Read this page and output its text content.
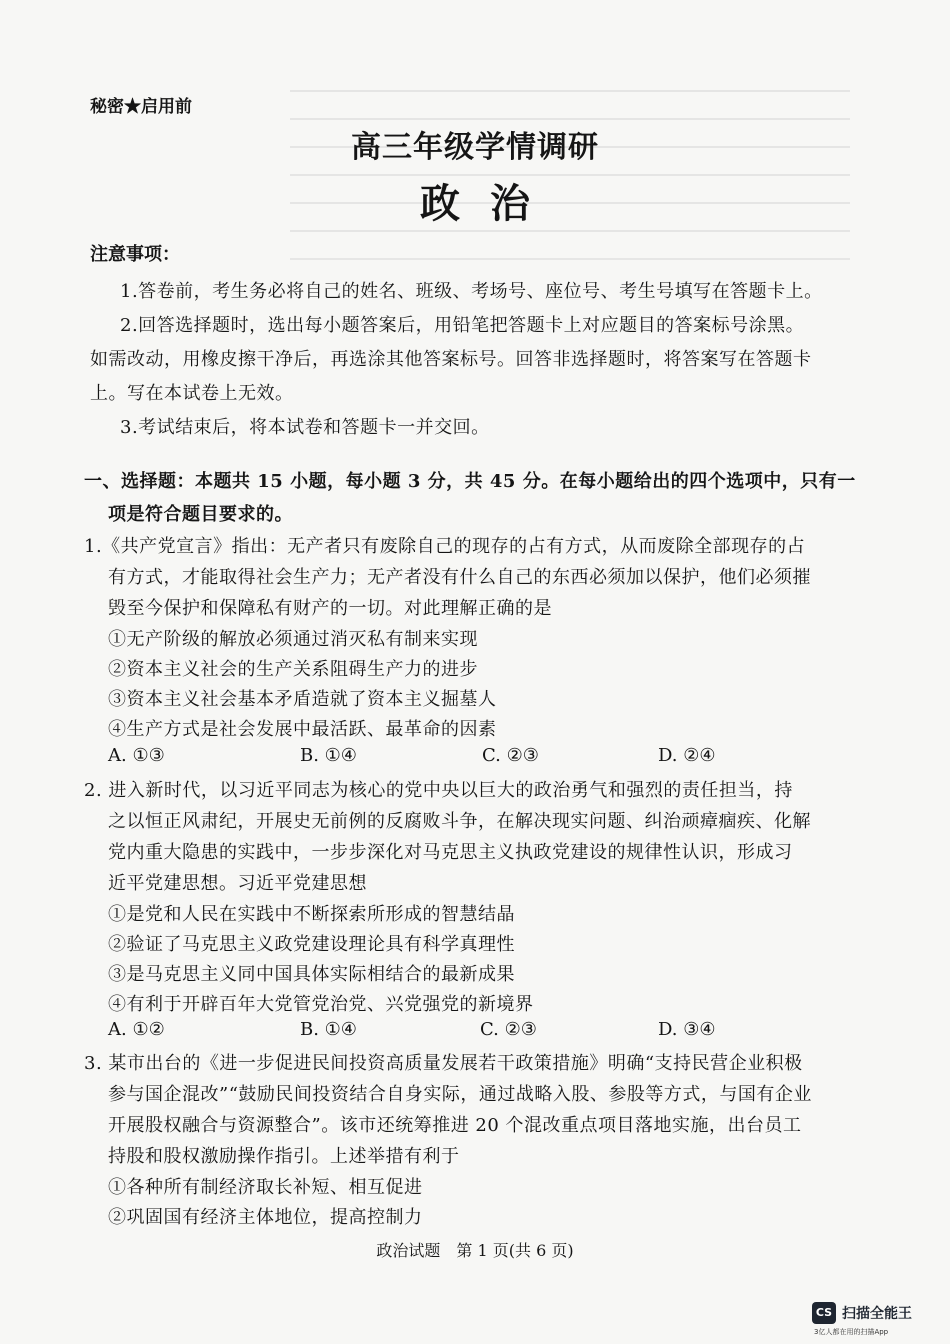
秘密★启用前
高三年级学情调研
政治
注意事项：
1.答卷前，考生务必将自己的姓名、班级、考场号、座位号、考生号填写在答题卡上。
2.回答选择题时，选出每小题答案后，用铅笔把答题卡上对应题目的答案标号涂黑。
如需改动，用橡皮擦干净后，再选涂其他答案标号。回答非选择题时，将答案写在答题卡
上。写在本试卷上无效。
3.考试结束后，将本试卷和答题卡一并交回。
一、选择题：本题共 15 小题，每小题 3 分，共 45 分。在每小题给出的四个选项中，只有一
项是符合题目要求的。
1.《共产党宣言》指出：无产者只有废除自己的现存的占有方式，从而废除全部现存的占
有方式，才能取得社会生产力；无产者没有什么自己的东西必须加以保护，他们必须摧
毁至今保护和保障私有财产的一切。对此理解正确的是
①无产阶级的解放必须通过消灭私有制来实现
②资本主义社会的生产关系阻碍生产力的进步
③资本主义社会基本矛盾造就了资本主义掘墓人
④生产方式是社会发展中最活跃、最革命的因素
A. ①③	B. ①④	C. ②③	D. ②④
2. 进入新时代，以习近平同志为核心的党中央以巨大的政治勇气和强烈的责任担当，持
之以恒正风肃纪，开展史无前例的反腐败斗争，在解决现实问题、纠治顽瘴痼疾、化解
党内重大隐患的实践中，一步步深化对马克思主义执政党建设的规律性认识，形成习
近平党建思想。习近平党建思想
①是党和人民在实践中不断探索所形成的智慧结晶
②验证了马克思主义政党建设理论具有科学真理性
③是马克思主义同中国具体实际相结合的最新成果
④有利于开辟百年大党管党治党、兴党强党的新境界
A. ①②	B. ①④	C. ②③	D. ③④
3. 某市出台的《进一步促进民间投资高质量发展若干政策措施》明确“支持民营企业积极
参与国企混改”“鼓励民间投资结合自身实际，通过战略入股、参股等方式，与国有企业
开展股权融合与资源整合”。该市还统筹推进 20 个混改重点项目落地实施，出台员工
持股和股权激励操作指引。上述举措有利于
①各种所有制经济取长补短、相互促进
②巩固国有经济主体地位，提高控制力
政治试题　第 1 页(共 6 页)
CS 扫描全能王
3亿人都在用的扫描App
